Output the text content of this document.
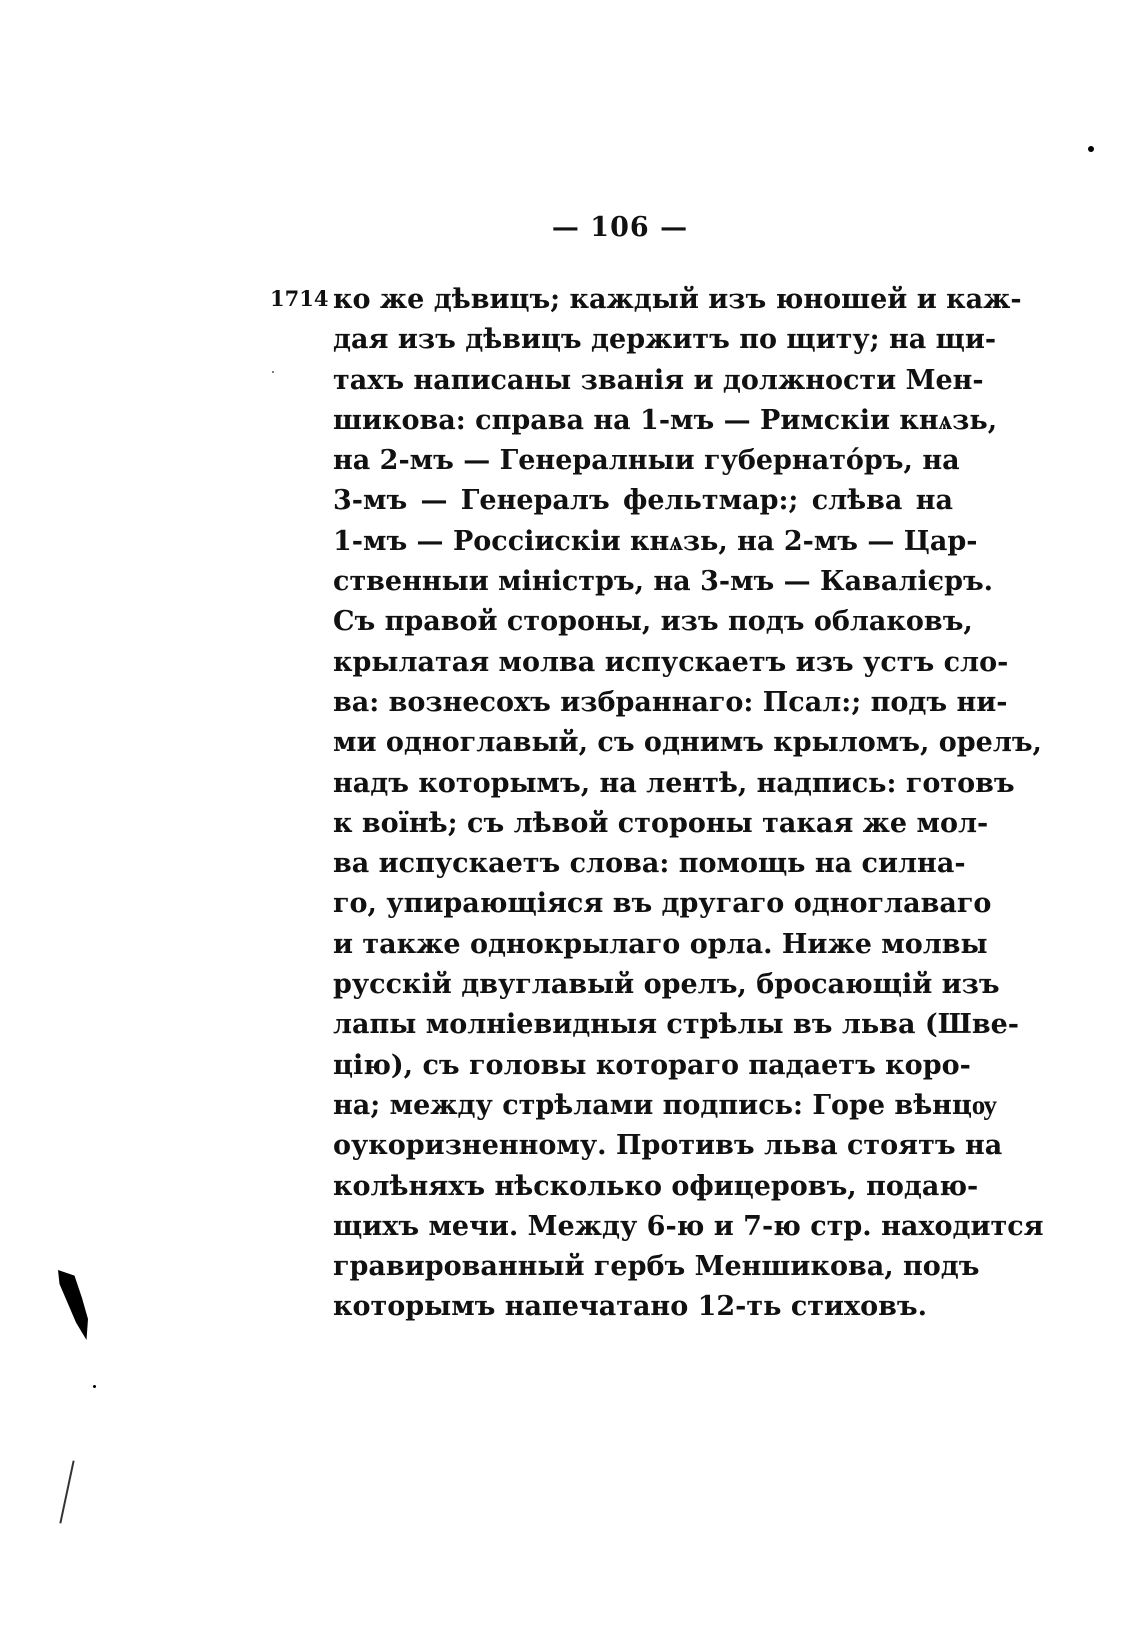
— 106 —
1714 ко же дѣвицъ; каждый изъ юношей и каж-
дая изъ дѣвицъ держитъ по щиту; на щи-
тахъ написаны званія и должности Мен-
шикова: справа на 1-мъ — Римскіи кнѧзь,
на 2-мъ — Генералныи губернатόръ, на
3-мъ — Генералъ фельтмар:; слѣва на
1-мъ — Россіискіи кнѧзь, на 2-мъ — Цар-
ственныи міністръ, на 3-мъ — Кавалієръ.
Съ правой стороны, изъ подъ облаковъ,
крылатая молва испускаетъ изъ устъ сло-
ва: вознесохъ избраннаго: Псал:; подъ ни-
ми одноглавый, съ однимъ крыломъ, орелъ,
надъ которымъ, на лентѣ, надпись: готовъ
к воїнѣ; съ лѣвой стороны такая же мол-
ва испускаетъ слова: помощь на силна-
го, упирающіяся въ другаго одноглаваго
и также однокрылаго орла. Ниже молвы
русскій двуглавый орелъ, бросающій изъ
лапы молніевидныя стрѣлы въ льва (Шве-
цію), съ головы котораго падаетъ коро-
на; между стрѣлами подпись: Горе вѣнцѹ
оукоризненному. Противъ льва стоятъ на
колѣняхъ нѣсколько офицеровъ, подаю-
щихъ мечи. Между 6-ю и 7-ю стр. находится
гравированный гербъ Меншикова, подъ
которымъ напечатано 12-ть стиховъ.
